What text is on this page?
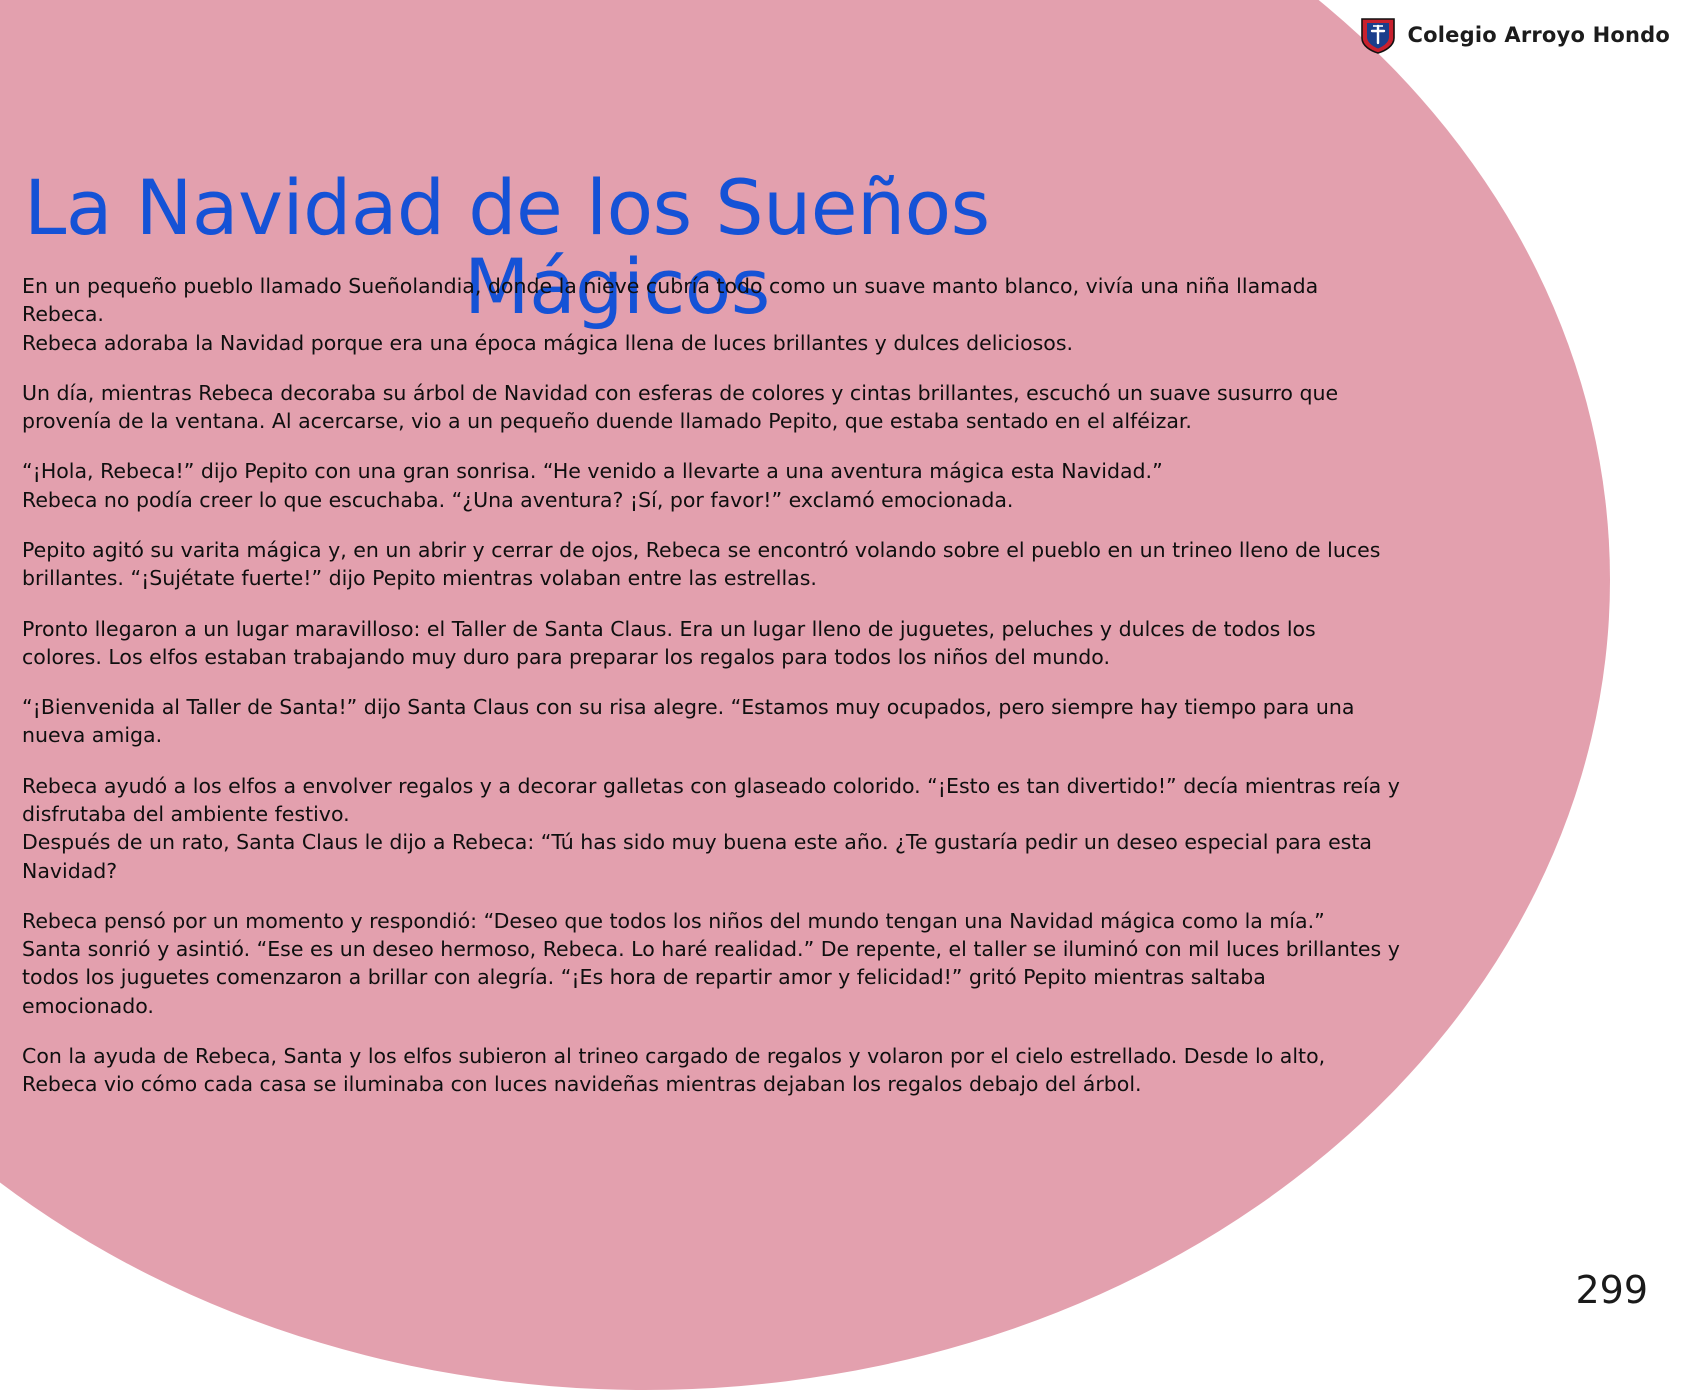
Colegio Arroyo Hondo
La Navidad de los Sueños
Mágicos

En un pequeño pueblo llamado Sueñolandia, donde la nieve cubría todo como un suave manto blanco, vivía una niña llamada Rebeca.
Rebeca adoraba la Navidad porque era una época mágica llena de luces brillantes y dulces deliciosos.

Un día, mientras Rebeca decoraba su árbol de Navidad con esferas de colores y cintas brillantes, escuchó un suave susurro que provenía de la ventana. Al acercarse, vio a un pequeño duende llamado Pepito, que estaba sentado en el alféizar.

“¡Hola, Rebeca!” dijo Pepito con una gran sonrisa. “He venido a llevarte a una aventura mágica esta Navidad.”
Rebeca no podía creer lo que escuchaba. “¿Una aventura? ¡Sí, por favor!” exclamó emocionada.

Pepito agitó su varita mágica y, en un abrir y cerrar de ojos, Rebeca se encontró volando sobre el pueblo en un trineo lleno de luces brillantes. “¡Sujétate fuerte!” dijo Pepito mientras volaban entre las estrellas.

Pronto llegaron a un lugar maravilloso: el Taller de Santa Claus. Era un lugar lleno de juguetes, peluches y dulces de todos los colores. Los elfos estaban trabajando muy duro para preparar los regalos para todos los niños del mundo.

“¡Bienvenida al Taller de Santa!” dijo Santa Claus con su risa alegre. “Estamos muy ocupados, pero siempre hay tiempo para una nueva amiga.

Rebeca ayudó a los elfos a envolver regalos y a decorar galletas con glaseado colorido. “¡Esto es tan divertido!” decía mientras reía y disfrutaba del ambiente festivo.
Después de un rato, Santa Claus le dijo a Rebeca: “Tú has sido muy buena este año. ¿Te gustaría pedir un deseo especial para esta Navidad?

Rebeca pensó por un momento y respondió: “Deseo que todos los niños del mundo tengan una Navidad mágica como la mía.”
Santa sonrió y asintió. “Ese es un deseo hermoso, Rebeca. Lo haré realidad.” De repente, el taller se iluminó con mil luces brillantes y todos los juguetes comenzaron a brillar con alegría. “¡Es hora de repartir amor y felicidad!” gritó Pepito mientras saltaba emocionado.

Con la ayuda de Rebeca, Santa y los elfos subieron al trineo cargado de regalos y volaron por el cielo estrellado. Desde lo alto, Rebeca vio cómo cada casa se iluminaba con luces navideñas mientras dejaban los regalos debajo del árbol.

299
